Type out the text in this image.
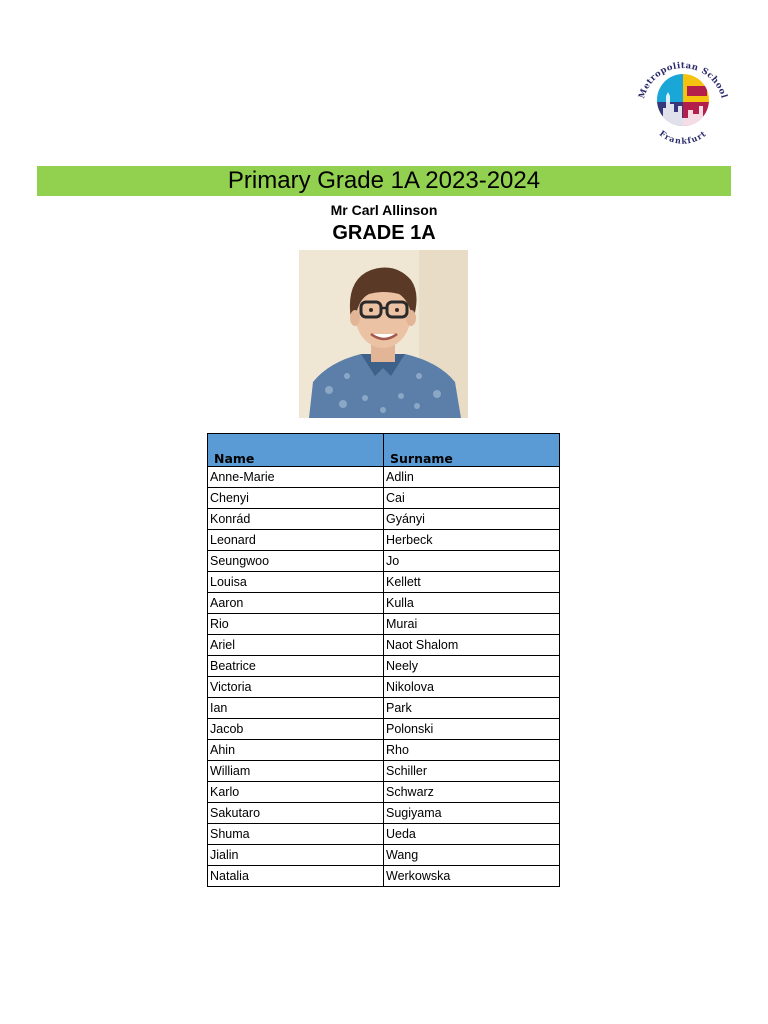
MSF
Metropolitan School
Frankfurt
Primary Grade 1A 2023-2024
Mr Carl Allinson
GRADE 1A
Name	Surname
Anne-Marie	Adlin
Chenyi	Cai
Konrád	Gyányi
Leonard	Herbeck
Seungwoo	Jo
Louisa	Kellett
Aaron	Kulla
Rio	Murai
Ariel	Naot Shalom
Beatrice	Neely
Victoria	Nikolova
Ian	Park
Jacob	Polonski
Ahin	Rho
William	Schiller
Karlo	Schwarz
Sakutaro	Sugiyama
Shuma	Ueda
Jialin	Wang
Natalia	Werkowska
